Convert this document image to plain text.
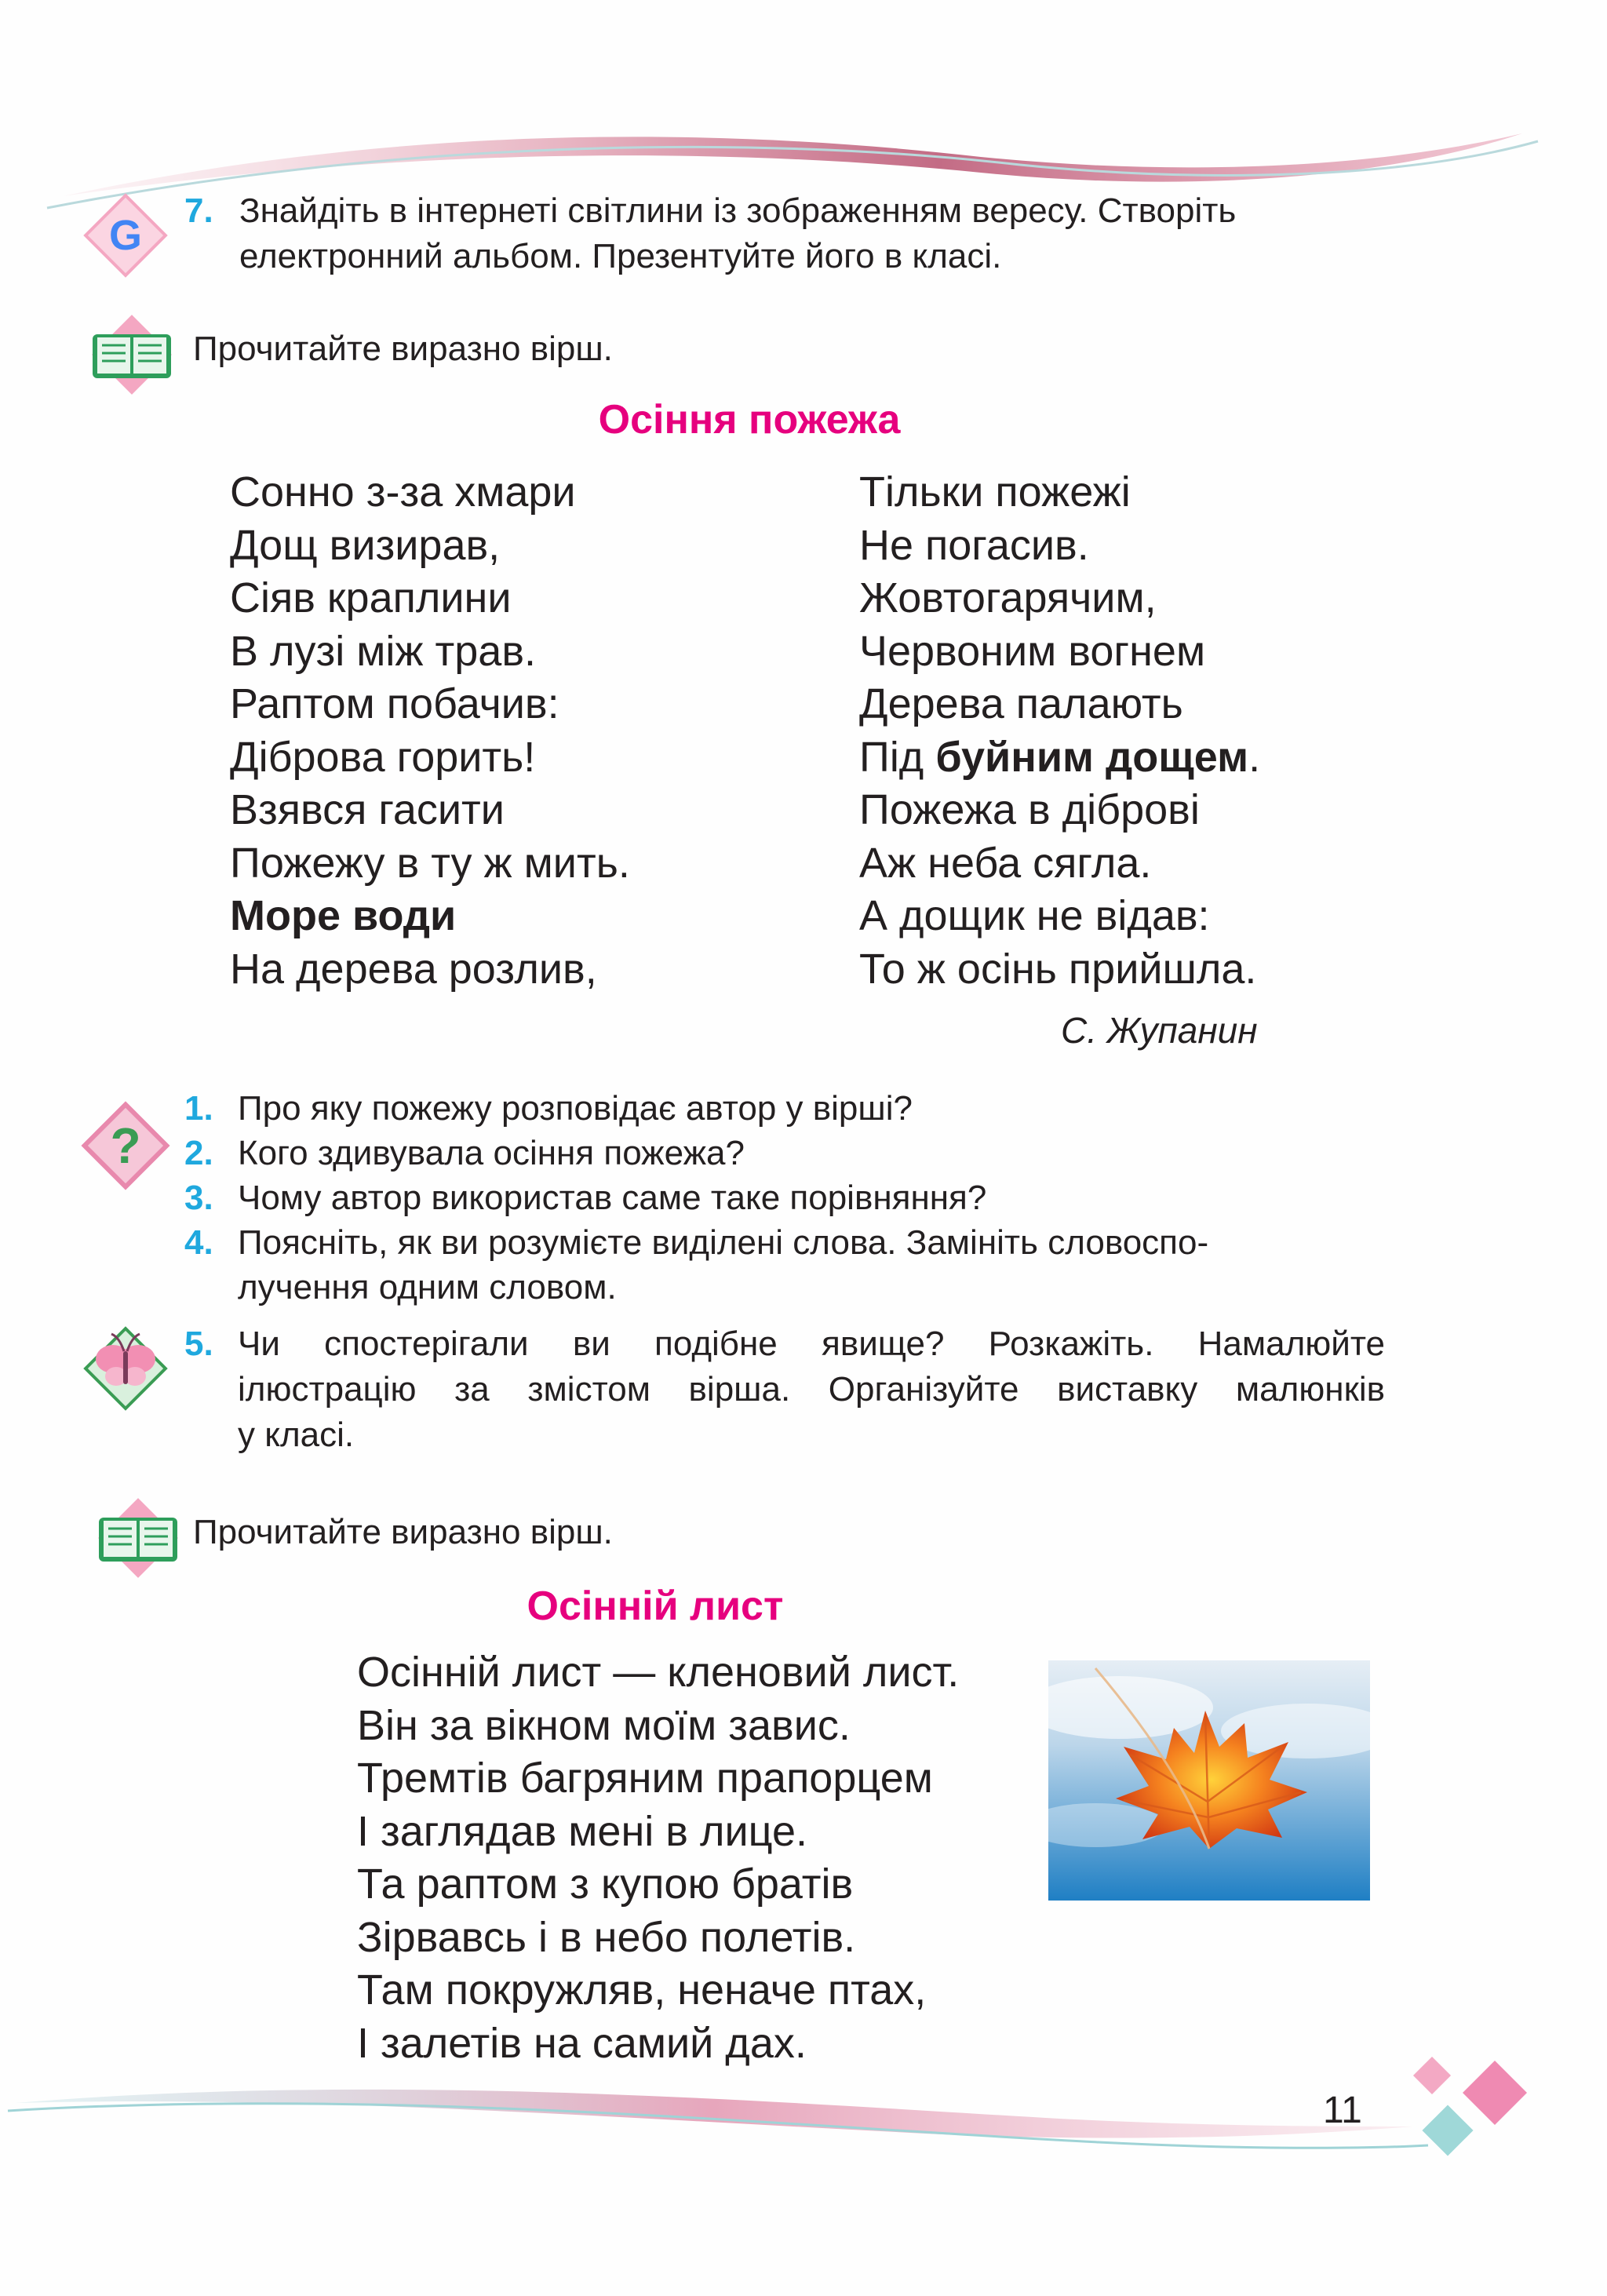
G
7. Знайдіть в інтернеті світлини із зображенням вересу. Створіть
електронний альбом. Презентуйте його в класі.
Прочитайте виразно вірш.
Осіння пожежа
Сонно з-за хмари
Дощ визирав,
Сіяв краплини
В лузі між трав.
Раптом побачив:
Діброва горить!
Взявся гасити
Пожежу в ту ж мить.
Море води
На дерева розлив,
Тільки пожежі
Не погасив.
Жовтогарячим,
Червоним вогнем
Дерева палають
Під буйним дощем.
Пожежа в діброві
Аж неба сягла.
А дощик не відав:
То ж осінь прийшла.
С. Жупанин
?
1. Про яку пожежу розповідає автор у вірші?
2. Кого здивувала осіння пожежа?
3. Чому автор використав саме таке порівняння?
4. Поясніть, як ви розумієте виділені слова. Замініть словоспо-
лучення одним словом.
5. Чи спостерігали ви подібне явище? Розкажіть. Намалюйте
ілюстрацію за змістом вірша. Організуйте виставку малюнків
у класі.
Прочитайте виразно вірш.
Осінній лист
Осінній лист — кленовий лист.
Він за вікном моїм завис.
Тремтів багряним прапорцем
І заглядав мені в лице.
Та раптом з купою братів
Зірвавсь і в небо полетів.
Там покружляв, неначе птах,
І залетів на самий дах.
11
